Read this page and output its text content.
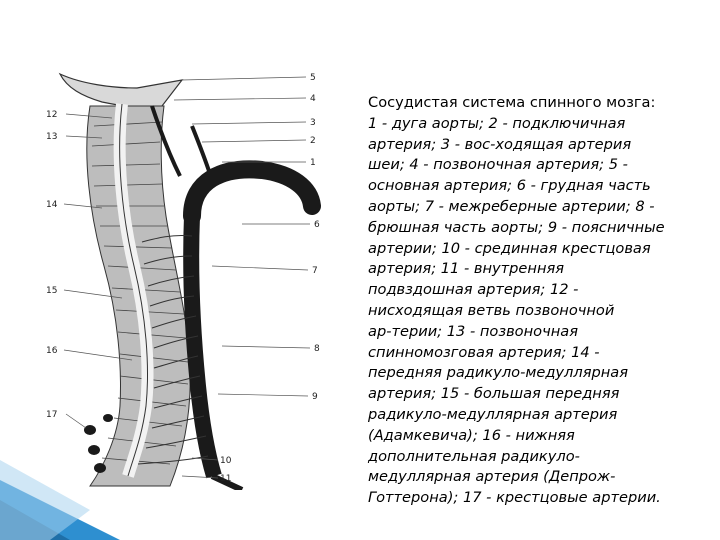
5
4
3
2
1
6
7
8
9
10
11
12
13
14
15
16
17
Сосудистая система спинного мозга:
1 - дуга аорты; 2 - подключичная
артерия; 3 - вос-ходящая артерия
шеи; 4 - позвоночная артерия; 5 -
основная артерия; 6 - грудная часть
аорты; 7 - межреберные артерии; 8 -
брюшная часть аорты; 9 - поясничные
артерии; 10 - срединная крестцовая
артерия; 11 - внутренняя
подвздошная артерия; 12 -
нисходящая ветвь позвоночной
ар-терии; 13 - позвоночная
спинномозговая артерия; 14 -
передняя радикуло-медуллярная
артерия; 15 - большая передняя
радикуло-медуллярная артерия
(Адамкевича); 16 - нижняя
дополнительная радикуло-
медуллярная артерия (Депрож-
Готтерона); 17 - крестцовые артерии.
